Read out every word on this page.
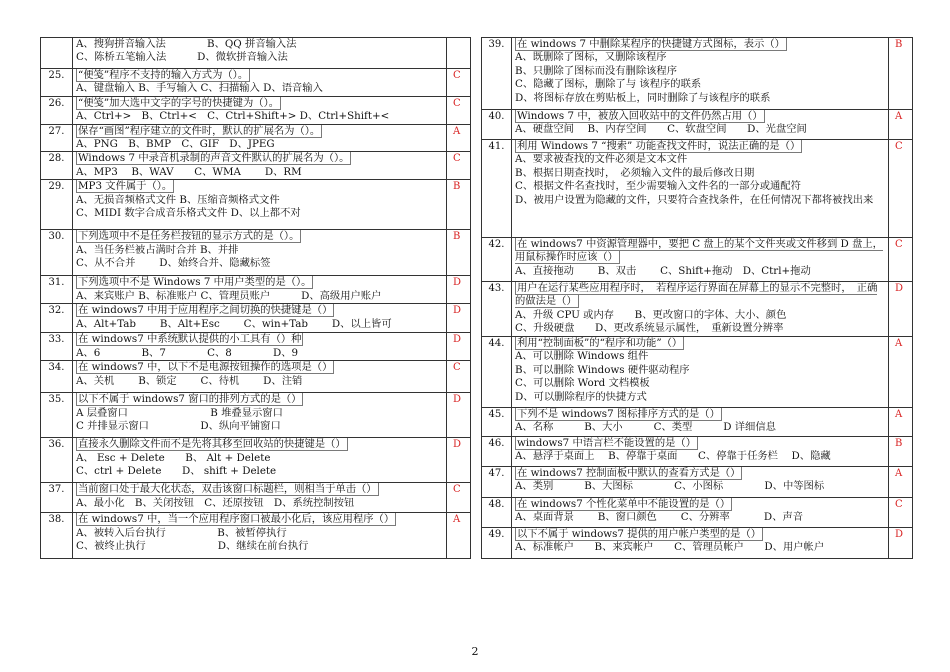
	A、搜狗拼音输入法　　　　B、QQ 拼音输入法
C、陈桥五笔输入法　　　D、微软拼音输入法	

25.	“便笺”程序不支持的输入方式为（）。
A、键盘输入 B、手写输入 C、扫描输入 D、语音输入	C
26.	“便笺”加大选中文字的字号的快捷键为（）。
A、Ctrl+>　B、Ctrl+<　C、Ctrl+Shift+> D、Ctrl+Shift+<	C
27.	保存“画图”程序建立的文件时，默认的扩展名为（）。
A、PNG　B、BMP　C、GIF　D、JPEG	A
28.	Windows 7 中录音机录制的声音文件默认的扩展名为（）。
A、MP3　 B、WAV　　C、WMA　　 D、RM	C
29.	MP3 文件属于（）。
A、无损音频格式文件 B、压缩音频格式文件
C、MIDI 数字合成音乐格式文件 D、以上都不对	B
30.	下列选项中不是任务栏按钮的显示方式的是（）。
A、当任务栏被占满时合并 B、并排
C、从不合并　　 D、始终合并、隐藏标签	B
31.	下列选项中不是 Windows 7 中用户类型的是（）。
A、来宾账户 B、标准账户 C、管理员账户　　　D、高级用户账户	D
32.	在 windows7 中用于应用程序之间切换的快捷键是（）
A、Alt+Tab　　 B、Alt+Esc　　 C、win+Tab　　 D、以上皆可	D
33.	在 windows7 中系统默认提供的小工具有（）种
A、6　　　　B、7　　　　C、8　　　　D、9	D
34.	在 windows7 中，以下不是电源按钮操作的选项是（）
A、关机　　 B、锁定　　 C、待机　　 D、注销	C
35.	以下不属于 windows7 窗口的排列方式的是（）
A 层叠窗口　　　　　　　　B 堆叠显示窗口
C 并排显示窗口　　　　　D、纵向平铺窗口	D
36.	直接永久删除文件而不是先将其移至回收站的快捷键是（）
A、 Esc + Delete　　B、 Alt + Delete
C、ctrl + Delete　　D、 shift + Delete	D
37.	当前窗口处于最大化状态，双击该窗口标题栏，则相当于单击（）
A、最小化　B、关闭按钮　C、还原按钮　D、系统控制按钮	C
38.	在 windows7 中，当一个应用程序窗口被最小化后，该应用程序（）
A、被转入后台执行　　　　　B、被暂停执行
C、被终止执行　　　　　　　D、继续在前台执行	A
39.	在 windows 7 中删除某程序的快捷键方式图标，表示（）
A、既删除了图标，又删除该程序
B、只删除了图标而没有删除该程序
C、隐藏了图标，删除了与 该程序的联系
D、将图标存放在剪贴板上，同时删除了与该程序的联系	B
40.	Windows 7 中，被放入回收站中的文件仍然占用（）
A、硬盘空间　 B、内存空间　　C、软盘空间　　D、光盘空间	A
41.	利用 Windows 7 “搜索” 功能查找文件时，说法正确的是（）
A、要求被查找的文件必须是文本文件
B、根据日期查找时，　必须输入文件的最后修改日期
C、根据文件名查找时，至少需要输入文件名的一部分或通配符
D、被用户设置为隐藏的文件，只要符合查找条件，在任何情况下都将被找出来	C
42.	在 windows7 中资源管理器中，要把 C 盘上的某个文件夹或文件移到 D 盘上，用鼠标操作时应该（）
A、直接拖动　　 B、双击　　 C、Shift+拖动　D、Ctrl+拖动	C
43.	用户在运行某些应用程序时，　若程序运行界面在屏幕上的显示不完整时，　正确的做法是（）
A、升级 CPU 或内存　　B、更改窗口的字体、大小、颜色
C、升级硬盘　　D、更改系统显示属性，　重新设置分辨率	D
44.	利用“控制面板”的“程序和功能”（）
A、可以删除 Windows 组件
B、可以删除 Windows 硬件驱动程序
C、可以删除 Word 文档模板
D、可以删除程序的快捷方式	A
45.	下列不是 windows7 图标排序方式的是（）
A、名称　　　B、大小　　　C、类型　　　D 详细信息	A
46.	windows7 中语言栏不能设置的是（）
A、悬浮于桌面上　 B、停靠于桌面　　C、停靠于任务栏　 D、隐藏	B
47.	在 windows7 控制面板中默认的查看方式是（）
A、类别　　　B、大图标　　　　C、小图标　　　　D、中等图标	A
48.	在 windows7 个性化菜单中不能设置的是（）
A、桌面背景　　 B、窗口颜色　　 C、分辨率　　　 D、声音	C
49.	以下不属于 windows7 提供的用户帐户类型的是（）
A、标准帐户　　B、来宾帐户　　C、管理员帐户　　D、用户帐户	D
2
